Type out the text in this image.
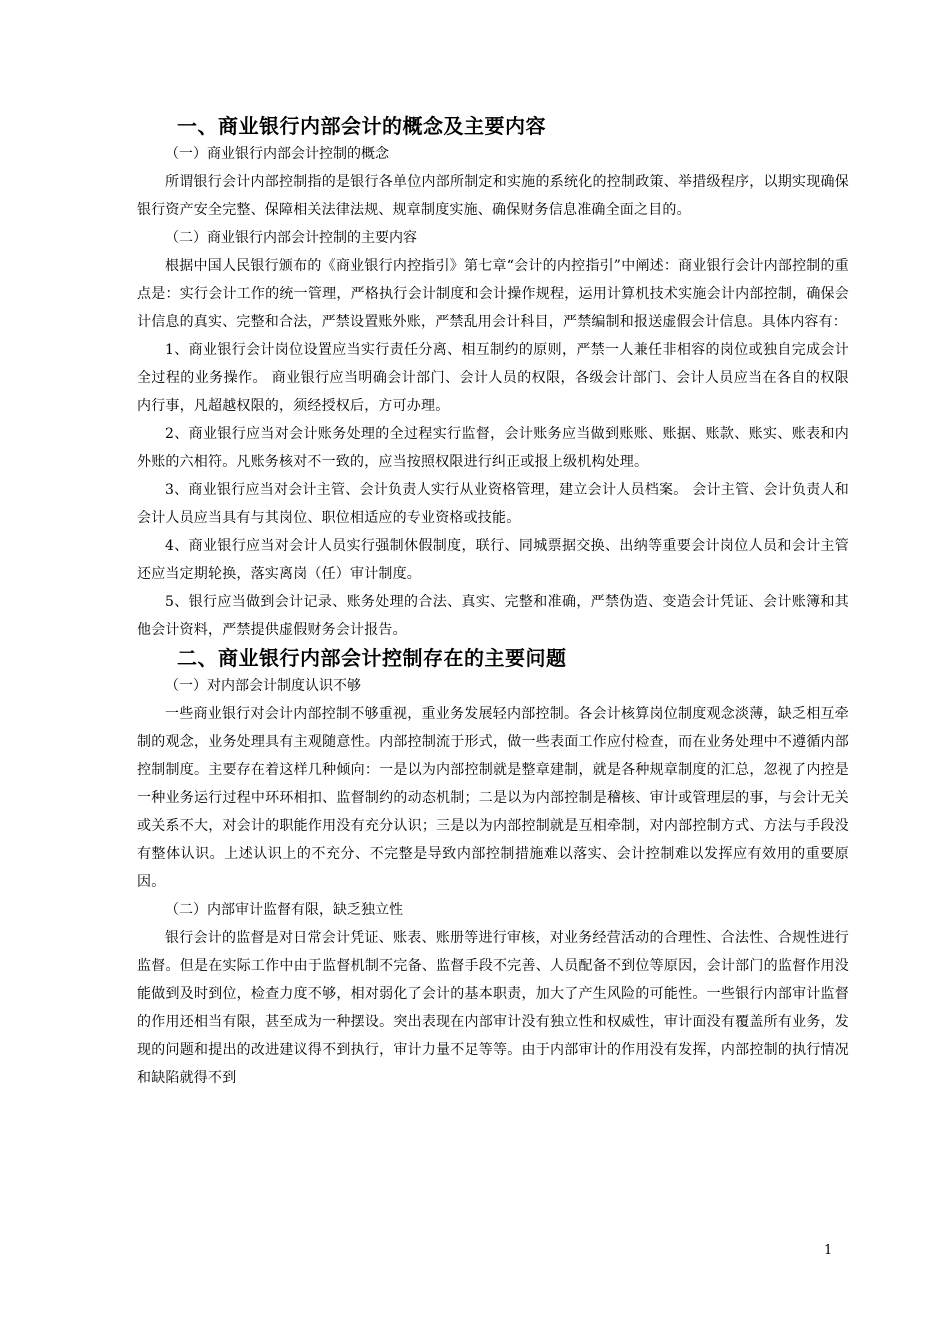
一、商业银行内部会计的概念及主要内容
（一）商业银行内部会计控制的概念
所谓银行会计内部控制指的是银行各单位内部所制定和实施的系统化的控制政策、举措级程序，以期实现确保银行资产安全完整、保障相关法律法规、规章制度实施、确保财务信息准确全面之目的。
（二）商业银行内部会计控制的主要内容
根据中国人民银行颁布的《商业银行内控指引》第七章“会计的内控指引”中阐述：商业银行会计内部控制的重点是：实行会计工作的统一管理，严格执行会计制度和会计操作规程，运用计算机技术实施会计内部控制，确保会计信息的真实、完整和合法，严禁设置账外账，严禁乱用会计科目，严禁编制和报送虚假会计信息。具体内容有：
1、商业银行会计岗位设置应当实行责任分离、相互制约的原则，严禁一人兼任非相容的岗位或独自完成会计全过程的业务操作。 商业银行应当明确会计部门、会计人员的权限，各级会计部门、会计人员应当在各自的权限内行事，凡超越权限的，须经授权后，方可办理。
2、商业银行应当对会计账务处理的全过程实行监督，会计账务应当做到账账、账据、账款、账实、账表和内外账的六相符。凡账务核对不一致的，应当按照权限进行纠正或报上级机构处理。
3、商业银行应当对会计主管、会计负责人实行从业资格管理，建立会计人员档案。 会计主管、会计负责人和会计人员应当具有与其岗位、职位相适应的专业资格或技能。
4、商业银行应当对会计人员实行强制休假制度，联行、同城票据交换、出纳等重要会计岗位人员和会计主管还应当定期轮换，落实离岗（任）审计制度。
5、银行应当做到会计记录、账务处理的合法、真实、完整和准确，严禁伪造、变造会计凭证、会计账簿和其他会计资料，严禁提供虚假财务会计报告。
二、商业银行内部会计控制存在的主要问题
（一）对内部会计制度认识不够
一些商业银行对会计内部控制不够重视，重业务发展轻内部控制。各会计核算岗位制度观念淡薄，缺乏相互牵制的观念，业务处理具有主观随意性。内部控制流于形式，做一些表面工作应付检查，而在业务处理中不遵循内部控制制度。主要存在着这样几种倾向：一是以为内部控制就是整章建制，就是各种规章制度的汇总，忽视了内控是一种业务运行过程中环环相扣、监督制约的动态机制；二是以为内部控制是稽核、审计或管理层的事，与会计无关或关系不大，对会计的职能作用没有充分认识；三是以为内部控制就是互相牵制，对内部控制方式、方法与手段没有整体认识。上述认识上的不充分、不完整是导致内部控制措施难以落实、会计控制难以发挥应有效用的重要原因。
（二）内部审计监督有限，缺乏独立性
银行会计的监督是对日常会计凭证、账表、账册等进行审核，对业务经营活动的合理性、合法性、合规性进行监督。但是在实际工作中由于监督机制不完备、监督手段不完善、人员配备不到位等原因，会计部门的监督作用没能做到及时到位，检查力度不够，相对弱化了会计的基本职责，加大了产生风险的可能性。一些银行内部审计监督的作用还相当有限，甚至成为一种摆设。突出表现在内部审计没有独立性和权威性，审计面没有覆盖所有业务，发现的问题和提出的改进建议得不到执行，审计力量不足等等。由于内部审计的作用没有发挥，内部控制的执行情况和缺陷就得不到
1
